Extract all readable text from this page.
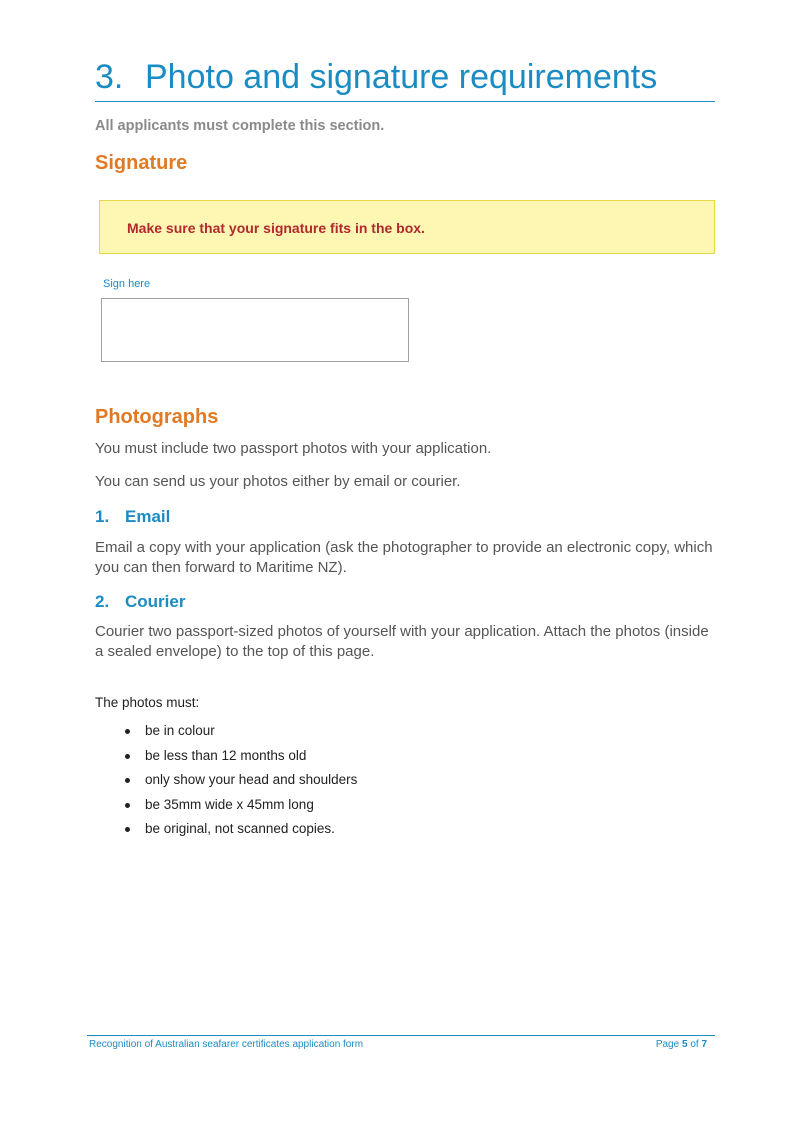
3. Photo and signature requirements

All applicants must complete this section.

Signature

Make sure that your signature fits in the box.

Sign here

Photographs

You must include two passport photos with your application.

You can send us your photos either by email or courier.

1. Email

Email a copy with your application (ask the photographer to provide an electronic copy, which you can then forward to Maritime NZ).

2. Courier

Courier two passport-sized photos of yourself with your application. Attach the photos (inside a sealed envelope) to the top of this page.

The photos must:

be in colour
be less than 12 months old
only show your head and shoulders
be 35mm wide x 45mm long
be original, not scanned copies.

Recognition of Australian seafarer certificates application form	Page 5 of 7
